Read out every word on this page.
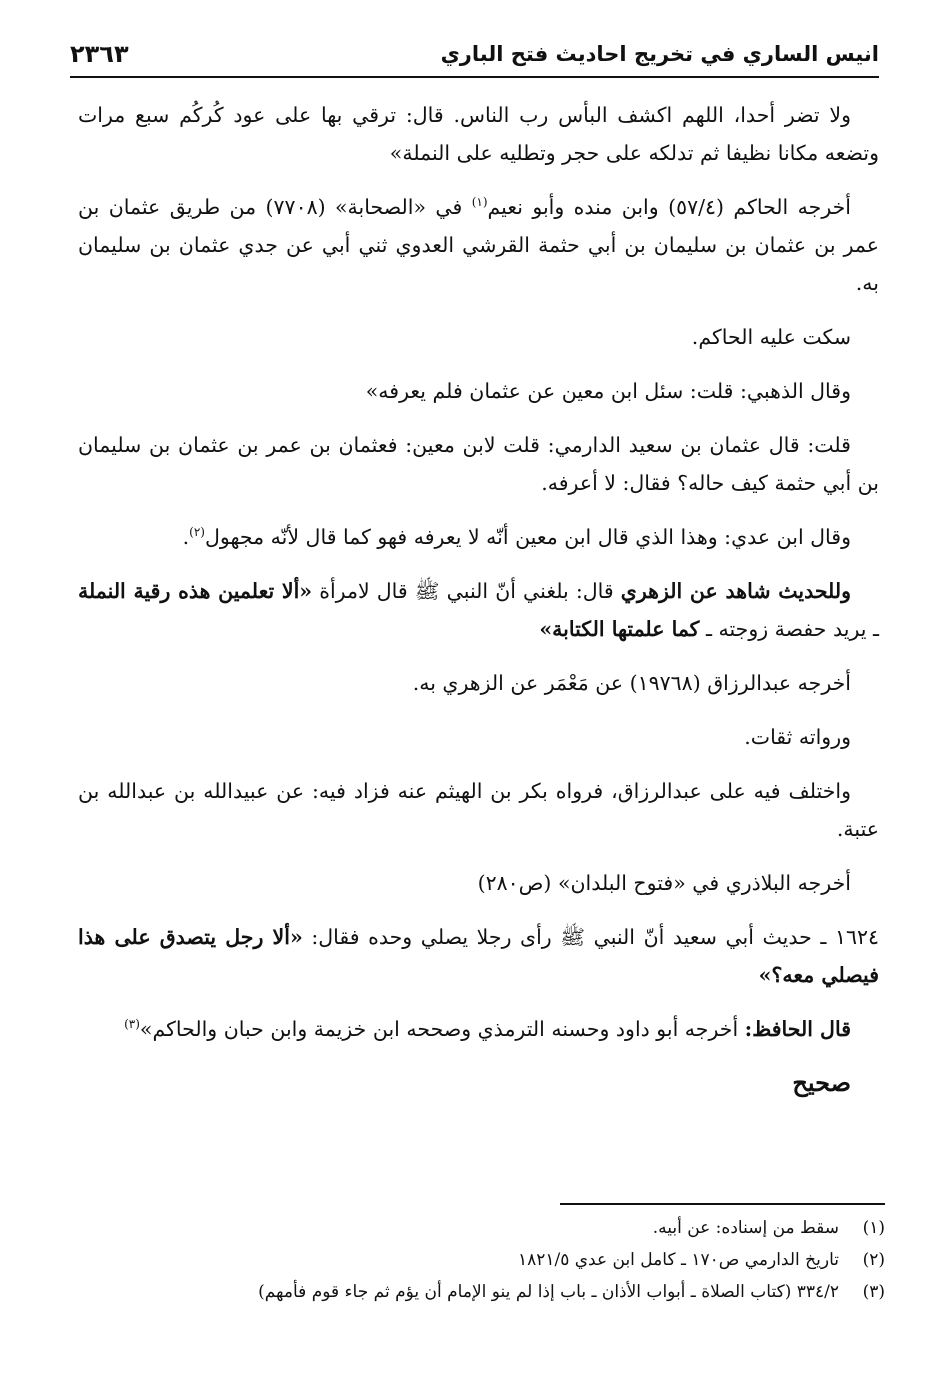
انيس الساري في تخريج احاديث فتح الباري
٢٣٦٣

ولا تضر أحدا، اللهم اكشف البأس رب الناس. قال: ترقي بها على عود كُركُم سبع مرات وتضعه مكانا نظيفا ثم تدلكه على حجر وتطليه على النملة»

أخرجه الحاكم (٥٧/٤) وابن منده وأبو نعيم$^{(١)}$ في «الصحابة» (٧٧٠٨) من طريق عثمان بن عمر بن عثمان بن سليمان بن أبي حثمة القرشي العدوي ثني أبي عن جدي عثمان بن سليمان به.

سكت عليه الحاكم.

وقال الذهبي: قلت: سئل ابن معين عن عثمان فلم يعرفه»

قلت: قال عثمان بن سعيد الدارمي: قلت لابن معين: فعثمان بن عمر بن عثمان بن سليمان بن أبي حثمة كيف حاله؟ فقال: لا أعرفه.

وقال ابن عدي: وهذا الذي قال ابن معين أنّه لا يعرفه فهو كما قال لأنّه مجهول$^{(٢)}$.

وللحديث شاهد عن الزهري قال: بلغني أنّ النبي ﷺ قال لامرأة «ألا تعلمين هذه رقية النملة ـ يريد حفصة زوجته ـ كما علمتها الكتابة»

أخرجه عبدالرزاق (١٩٧٦٨) عن مَعْمَر عن الزهري به.

ورواته ثقات.

واختلف فيه على عبدالرزاق، فرواه بكر بن الهيثم عنه فزاد فيه: عن عبيدالله بن عبدالله بن عتبة.

أخرجه البلاذري في «فتوح البلدان» (ص٢٨٠)

١٦٢٤ ـ حديث أبي سعيد أنّ النبي ﷺ رأى رجلا يصلي وحده فقال: «ألا رجل يتصدق على هذا فيصلي معه؟»

قال الحافظ: أخرجه أبو داود وحسنه الترمذي وصححه ابن خزيمة وابن حبان والحاكم»$^{(٣)}$

صحيح
(١)
سقط من إسناده: عن أبيه.
(٢)
تاريخ الدارمي ص١٧٠ ـ كامل ابن عدي ١٨٢١/٥
(٣)
٣٣٤/٢ (كتاب الصلاة ـ أبواب الأذان ـ باب إذا لم ينو الإمام أن يؤم ثم جاء قوم فأمهم)
